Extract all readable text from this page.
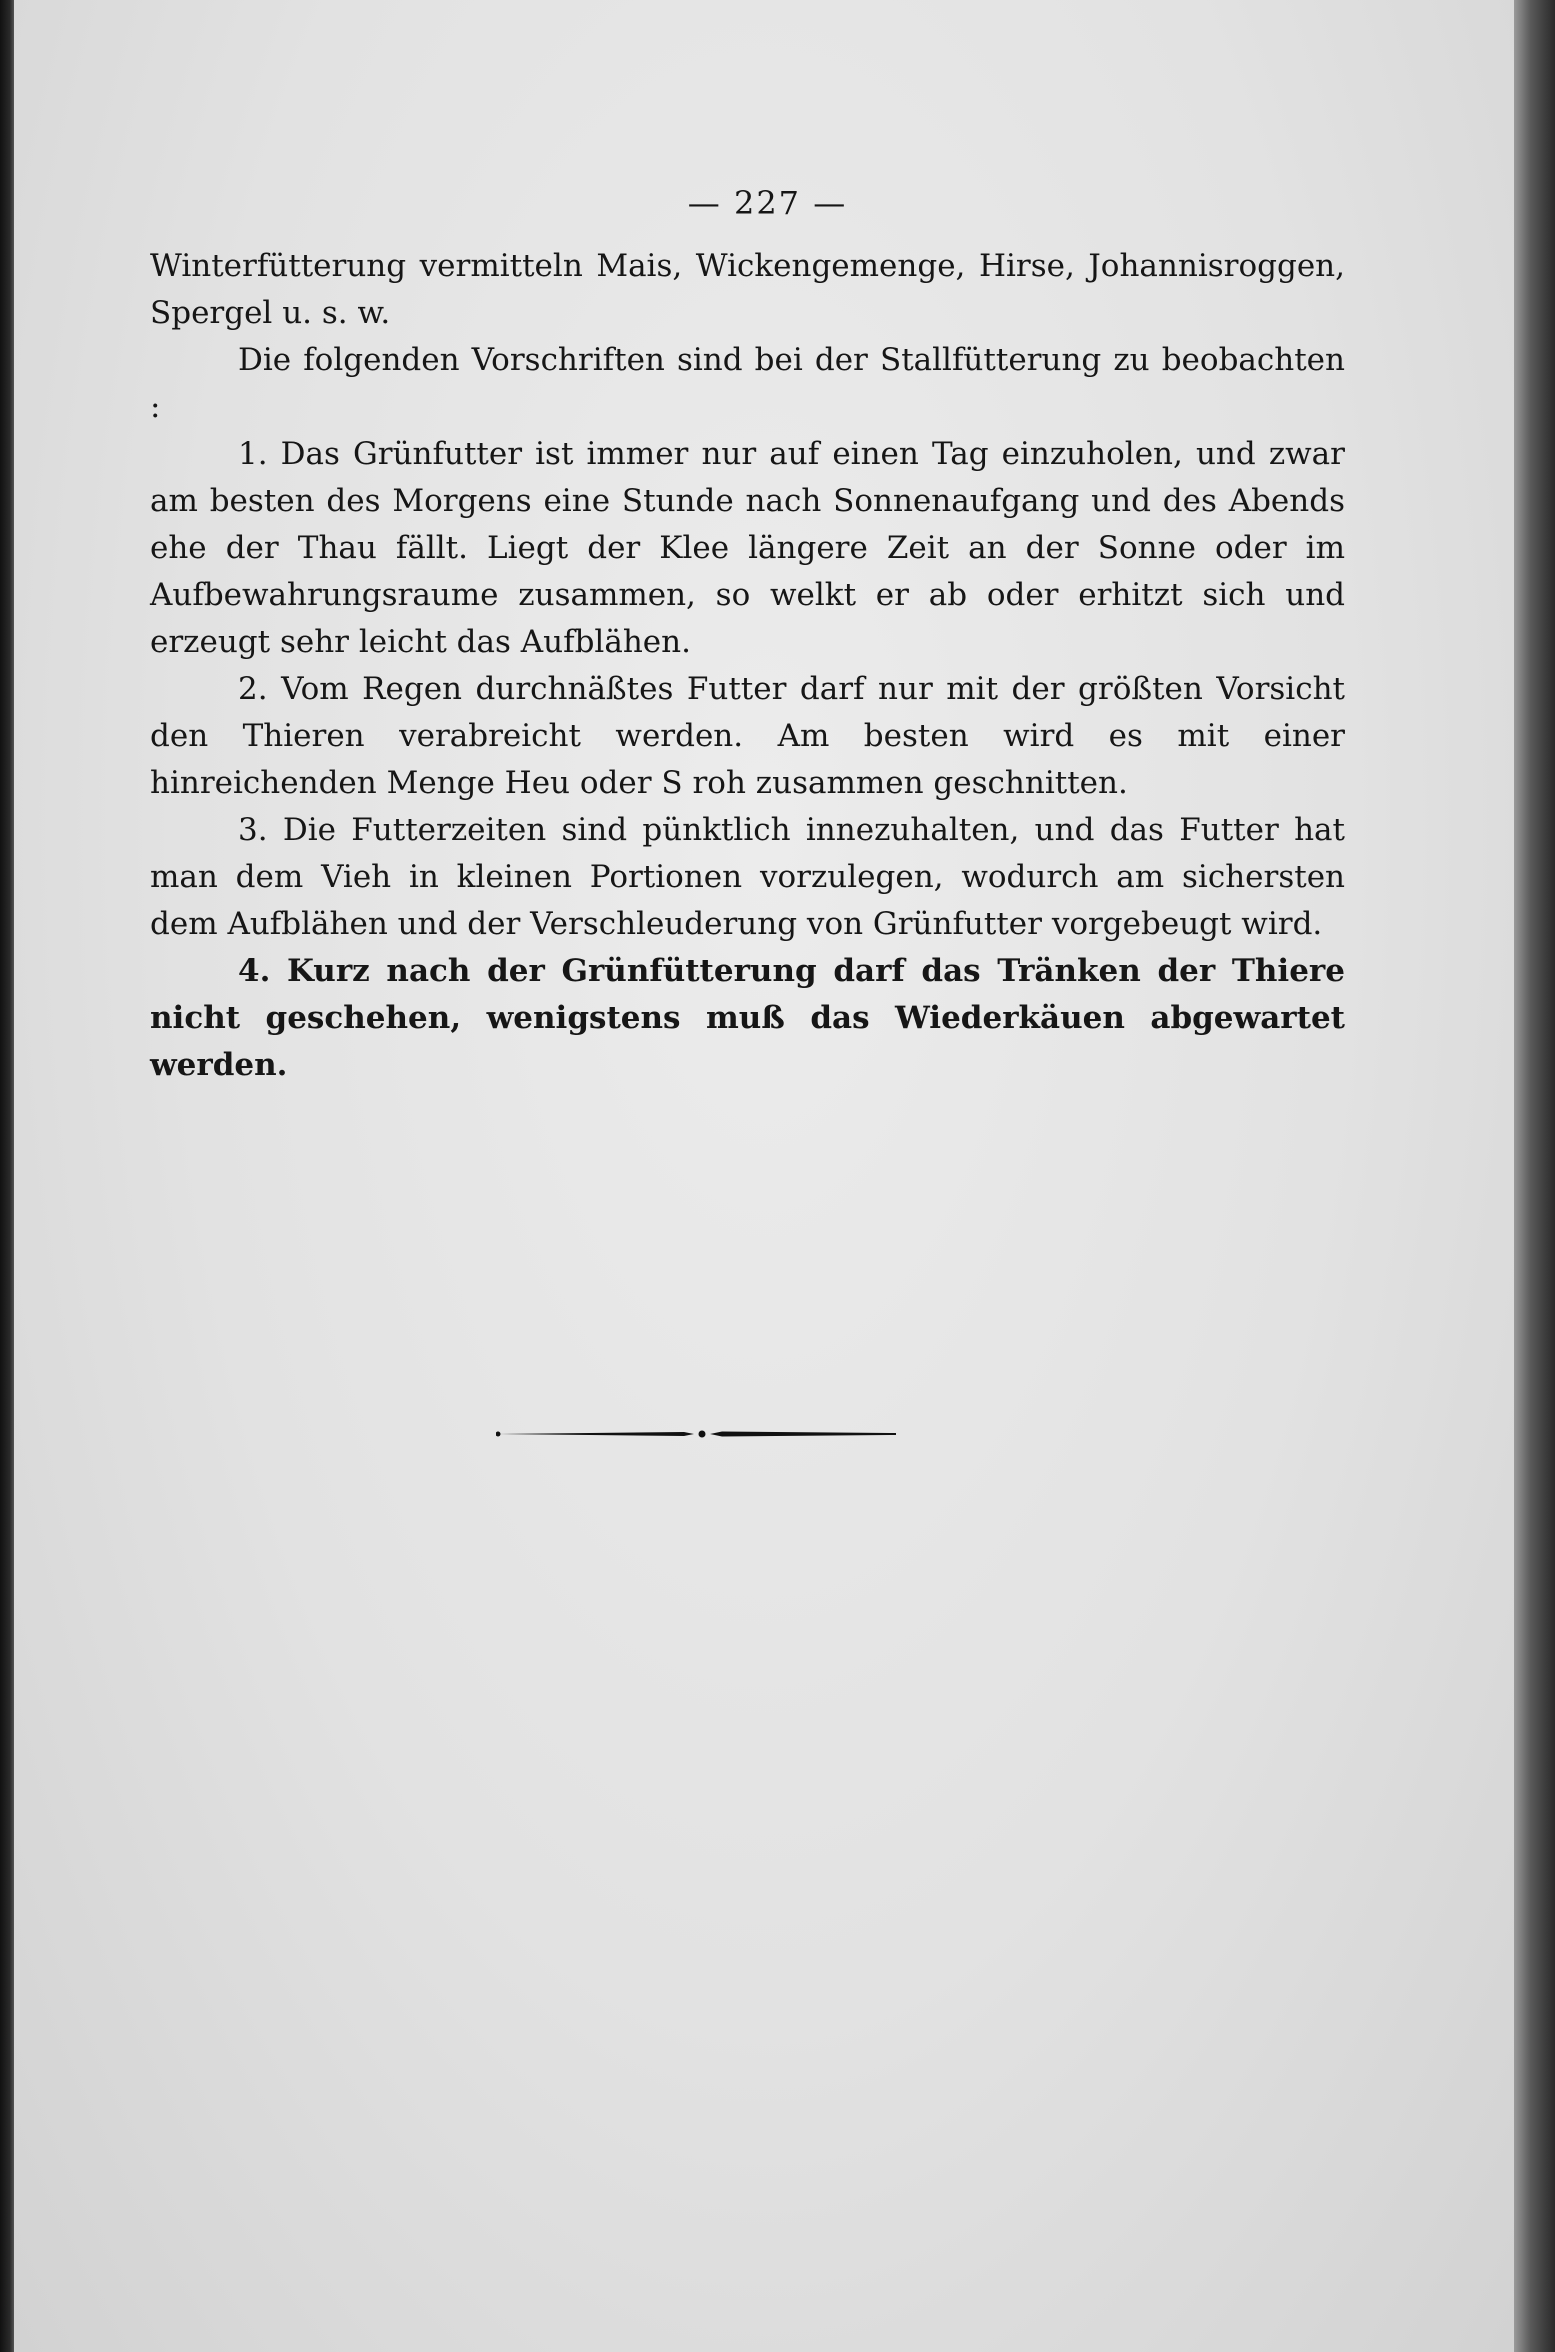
— 227 —

Winterfütterung vermitteln Mais, Wickengemenge, Hirse, Johannisroggen, Spergel u. s. w.

Die folgenden Vorschriften sind bei der Stallfütterung zu beobachten :

1. Das Grünfutter ist immer nur auf einen Tag einzuholen, und zwar am besten des Morgens eine Stunde nach Sonnenaufgang und des Abends ehe der Thau fällt. Liegt der Klee längere Zeit an der Sonne oder im Aufbewahrungsraume zusammen, so welkt er ab oder erhitzt sich und erzeugt sehr leicht das Aufblähen.

2. Vom Regen durchnäßtes Futter darf nur mit der größten Vorsicht den Thieren verabreicht werden. Am besten wird es mit einer hinreichenden Menge Heu oder S roh zusammen geschnitten.

3. Die Futterzeiten sind pünktlich innezuhalten, und das Futter hat man dem Vieh in kleinen Portionen vorzulegen, wodurch am sichersten dem Aufblähen und der Verschleuderung von Grünfutter vorgebeugt wird.

4. Kurz nach der Grünfütterung darf das Tränken der Thiere nicht geschehen, wenigstens muß das Wiederkäuen abgewartet werden.
